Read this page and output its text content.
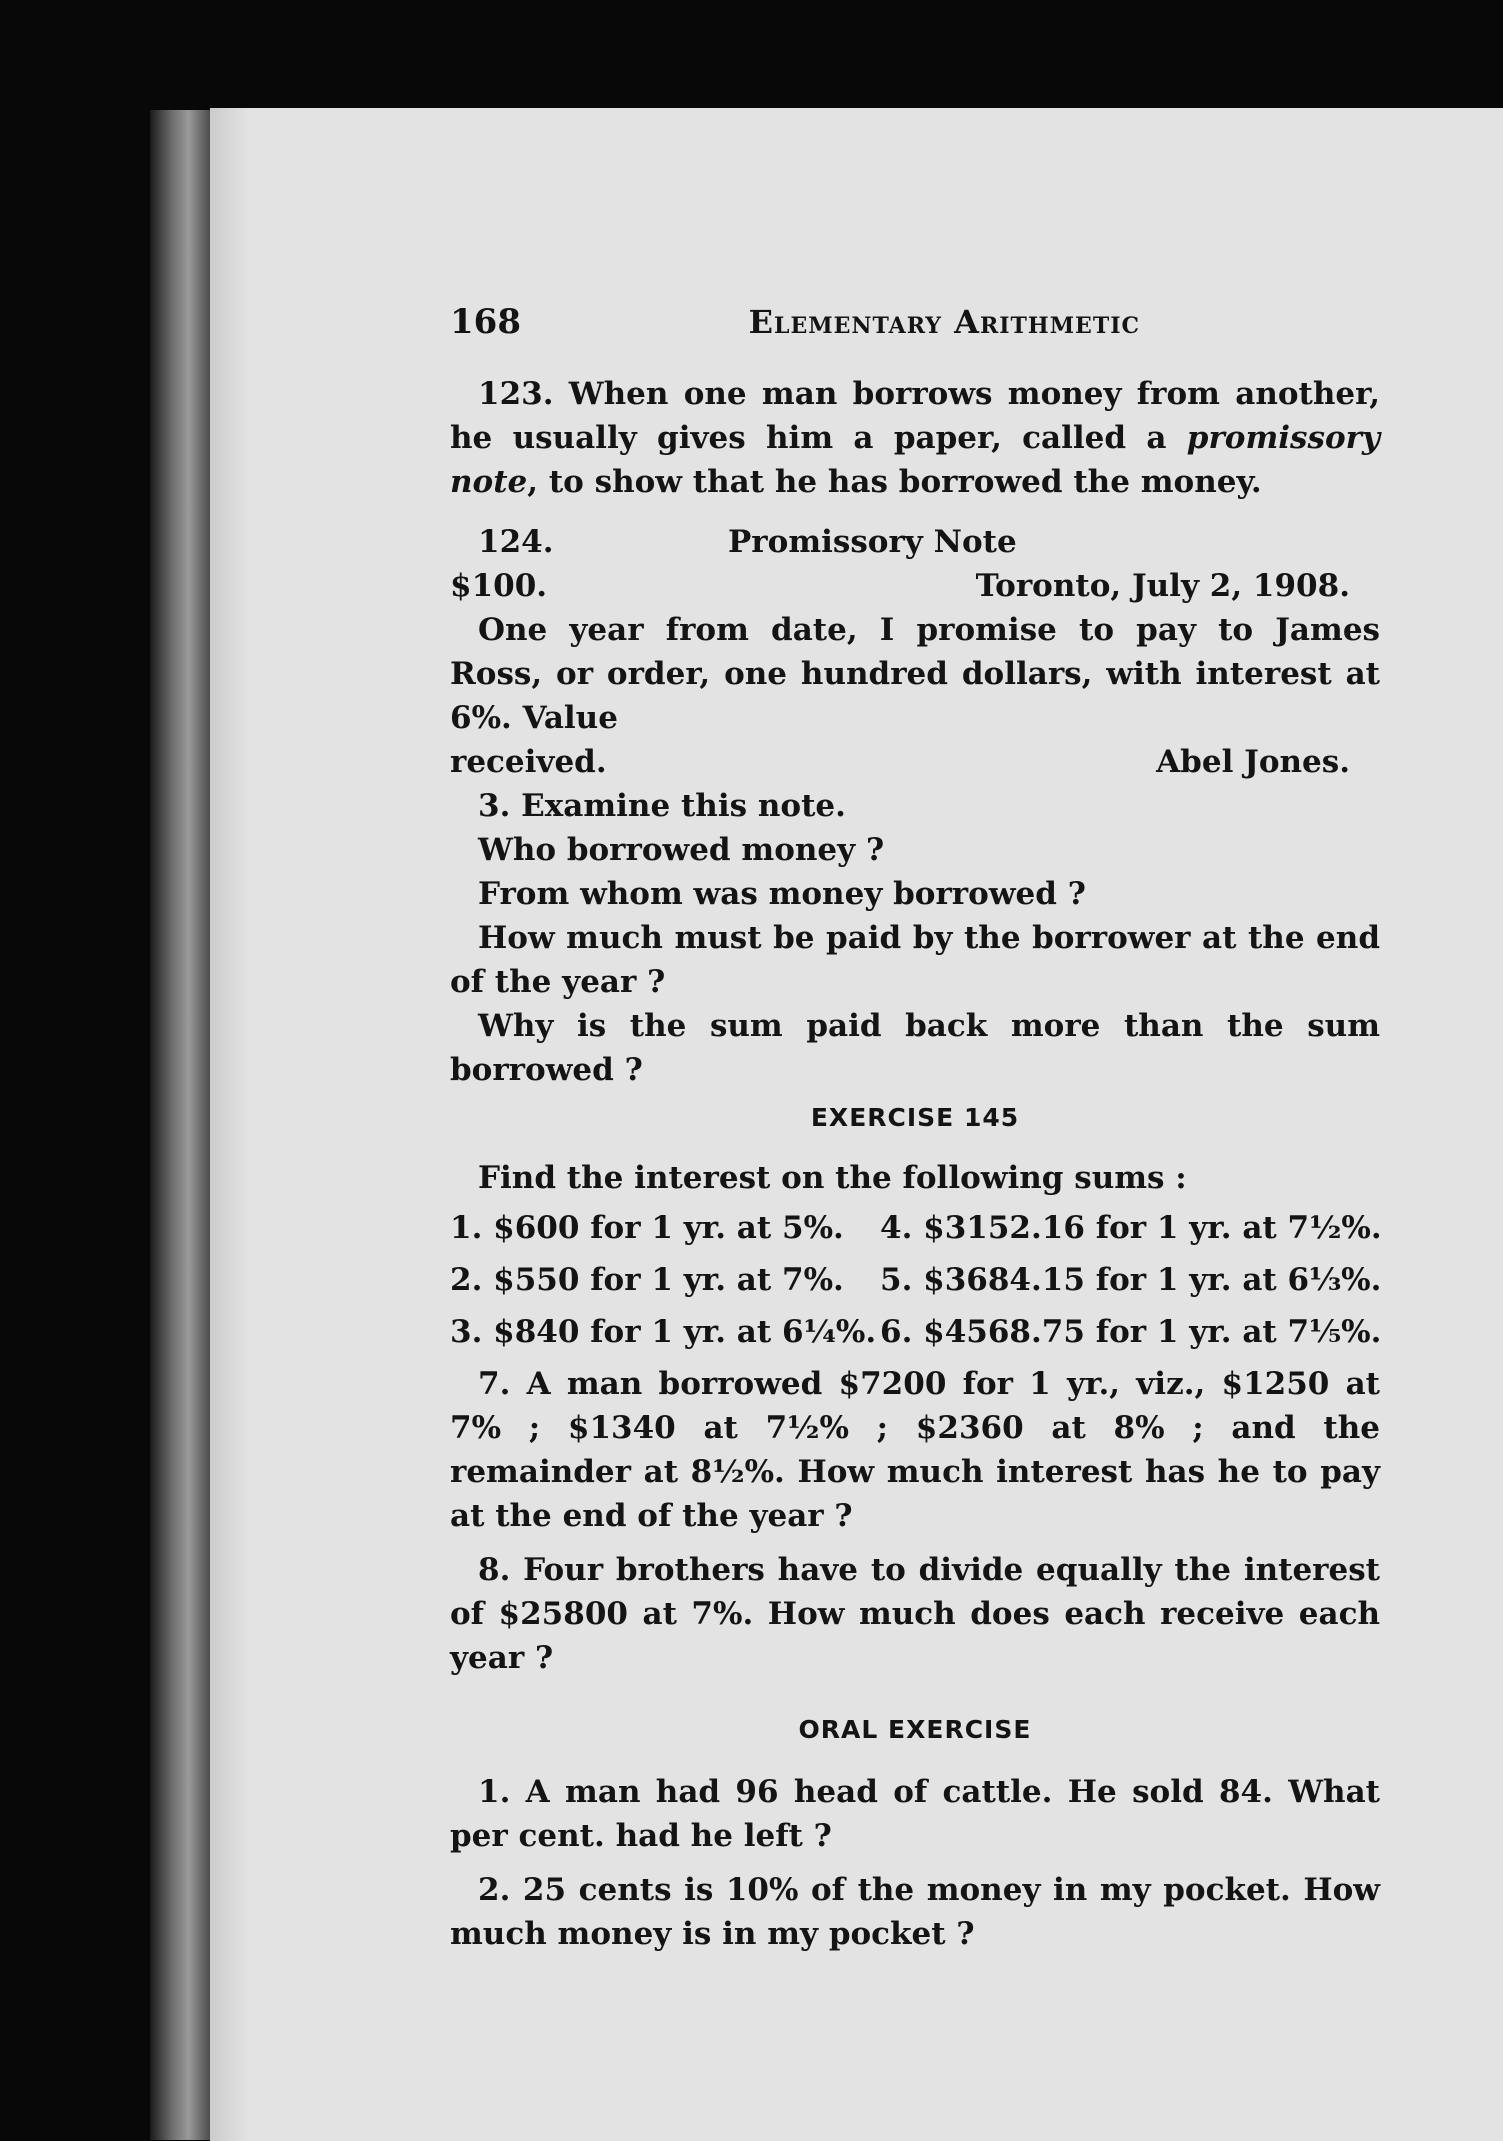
168	Elementary Arithmetic

123. When one man borrows money from another, he usually gives him a paper, called a promissory note, to show that he has borrowed the money.

124.	Promissory Note
$100.	Toronto, July 2, 1908.

One year from date, I promise to pay to James Ross, or order, one hundred dollars, with interest at 6%. Value

received.	Abel Jones.

3. Examine this note.

Who borrowed money ?

From whom was money borrowed ?

How much must be paid by the borrower at the end of the year ?

Why is the sum paid back more than the sum borrowed ?

EXERCISE 145

Find the interest on the following sums :

1. $600 for 1 yr. at 5%.	4. $3152.16 for 1 yr. at 7½%.
2. $550 for 1 yr. at 7%.	5. $3684.15 for 1 yr. at 6⅓%.
3. $840 for 1 yr. at 6¼%. 6. $4568.75 for 1 yr. at 7⅕%.

7. A man borrowed $7200 for 1 yr., viz., $1250 at 7% ; $1340 at 7½% ; $2360 at 8% ; and the remainder at 8½%. How much interest has he to pay at the end of the year ?

8. Four brothers have to divide equally the interest of $25800 at 7%. How much does each receive each year ?

ORAL EXERCISE

1. A man had 96 head of cattle. He sold 84. What per cent. had he left ?

2. 25 cents is 10% of the money in my pocket. How much money is in my pocket ?
